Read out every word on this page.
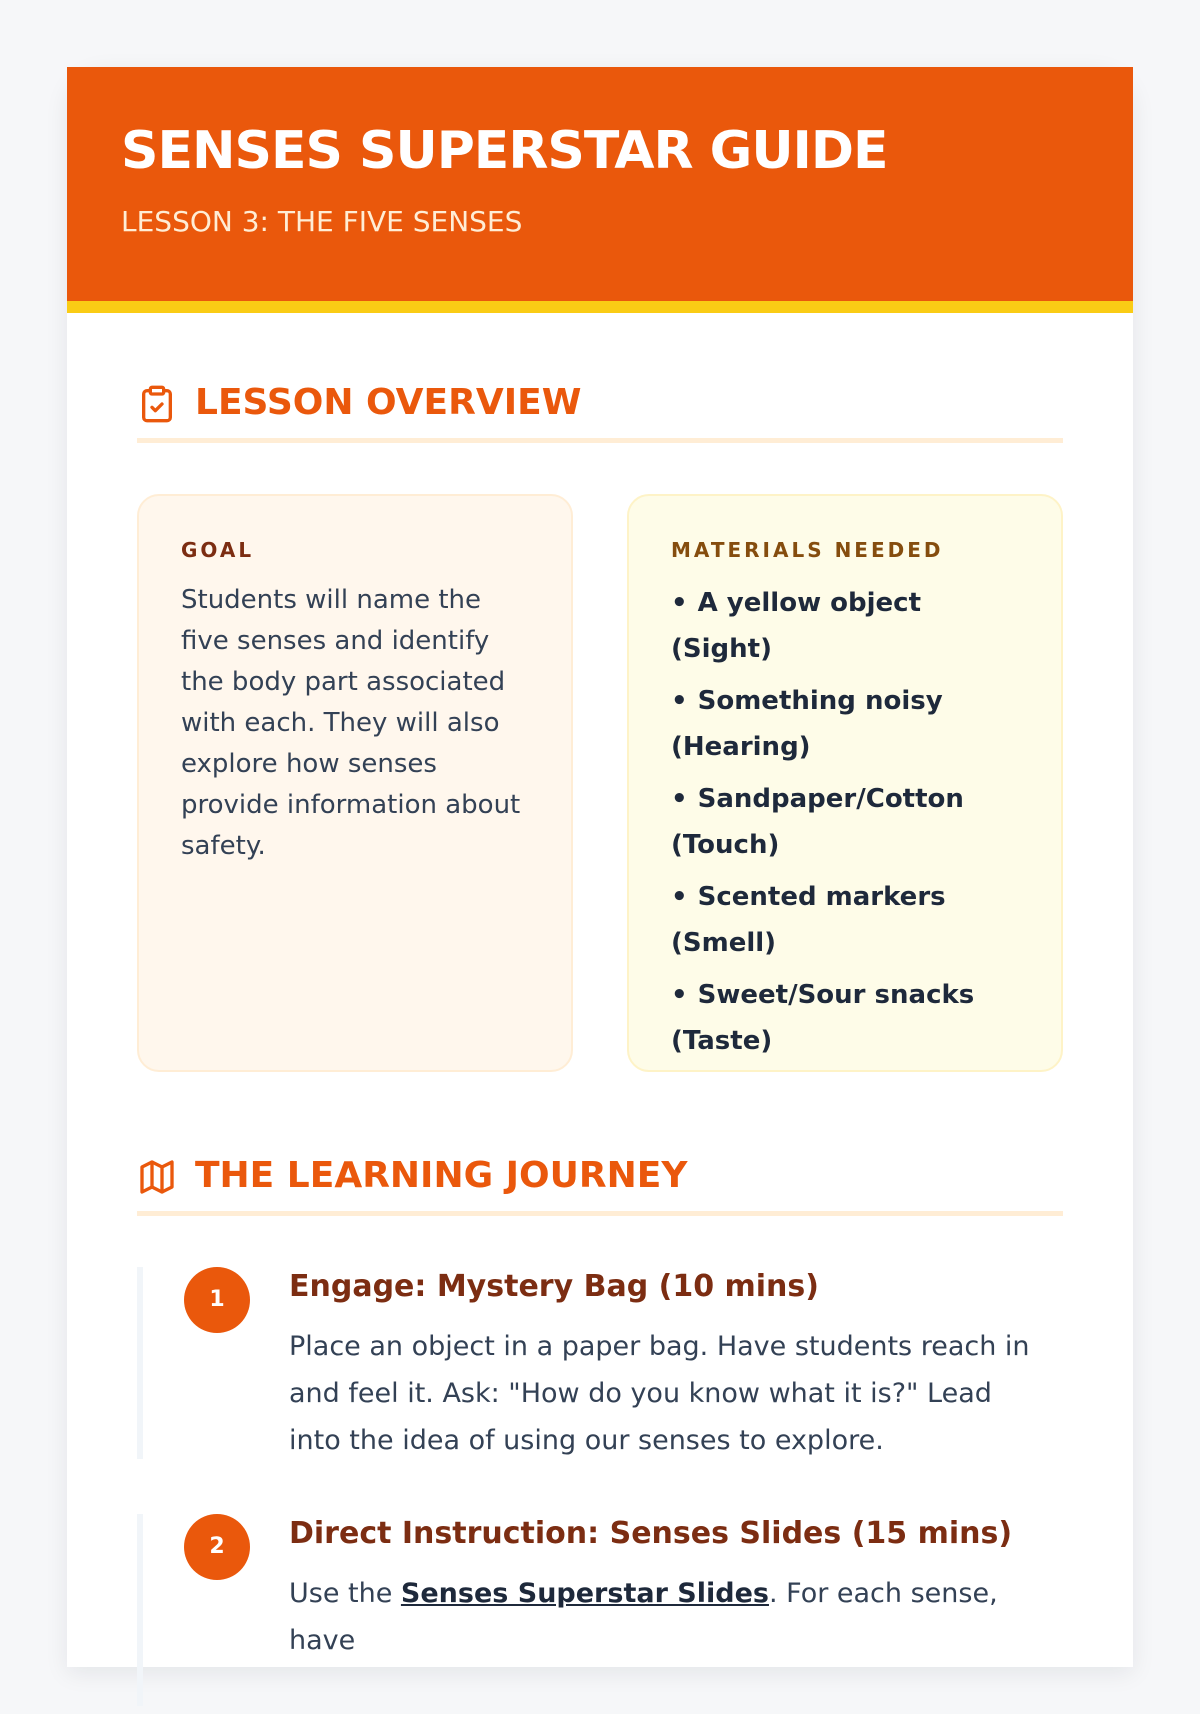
SENSES SUPERSTAR GUIDE
LESSON 3: THE FIVE SENSES
LESSON OVERVIEW
GOAL

Students will name the five senses and identify the body part associated with each. They will also explore how senses provide information about safety.

MATERIALS NEEDED
• A yellow object (Sight)
• Something noisy (Hearing)
• Sandpaper/Cotton (Touch)
• Scented markers (Smell)
• Sweet/Sour snacks (Taste)
THE LEARNING JOURNEY
1	Engage: Mystery Bag (10 mins)

Place an object in a paper bag. Have students reach in and feel it. Ask: "How do you know what it is?" Lead into the idea of using our senses to explore.

2	Direct Instruction: Senses Slides (15 mins)

Use the Senses Superstar Slides. For each sense, have
